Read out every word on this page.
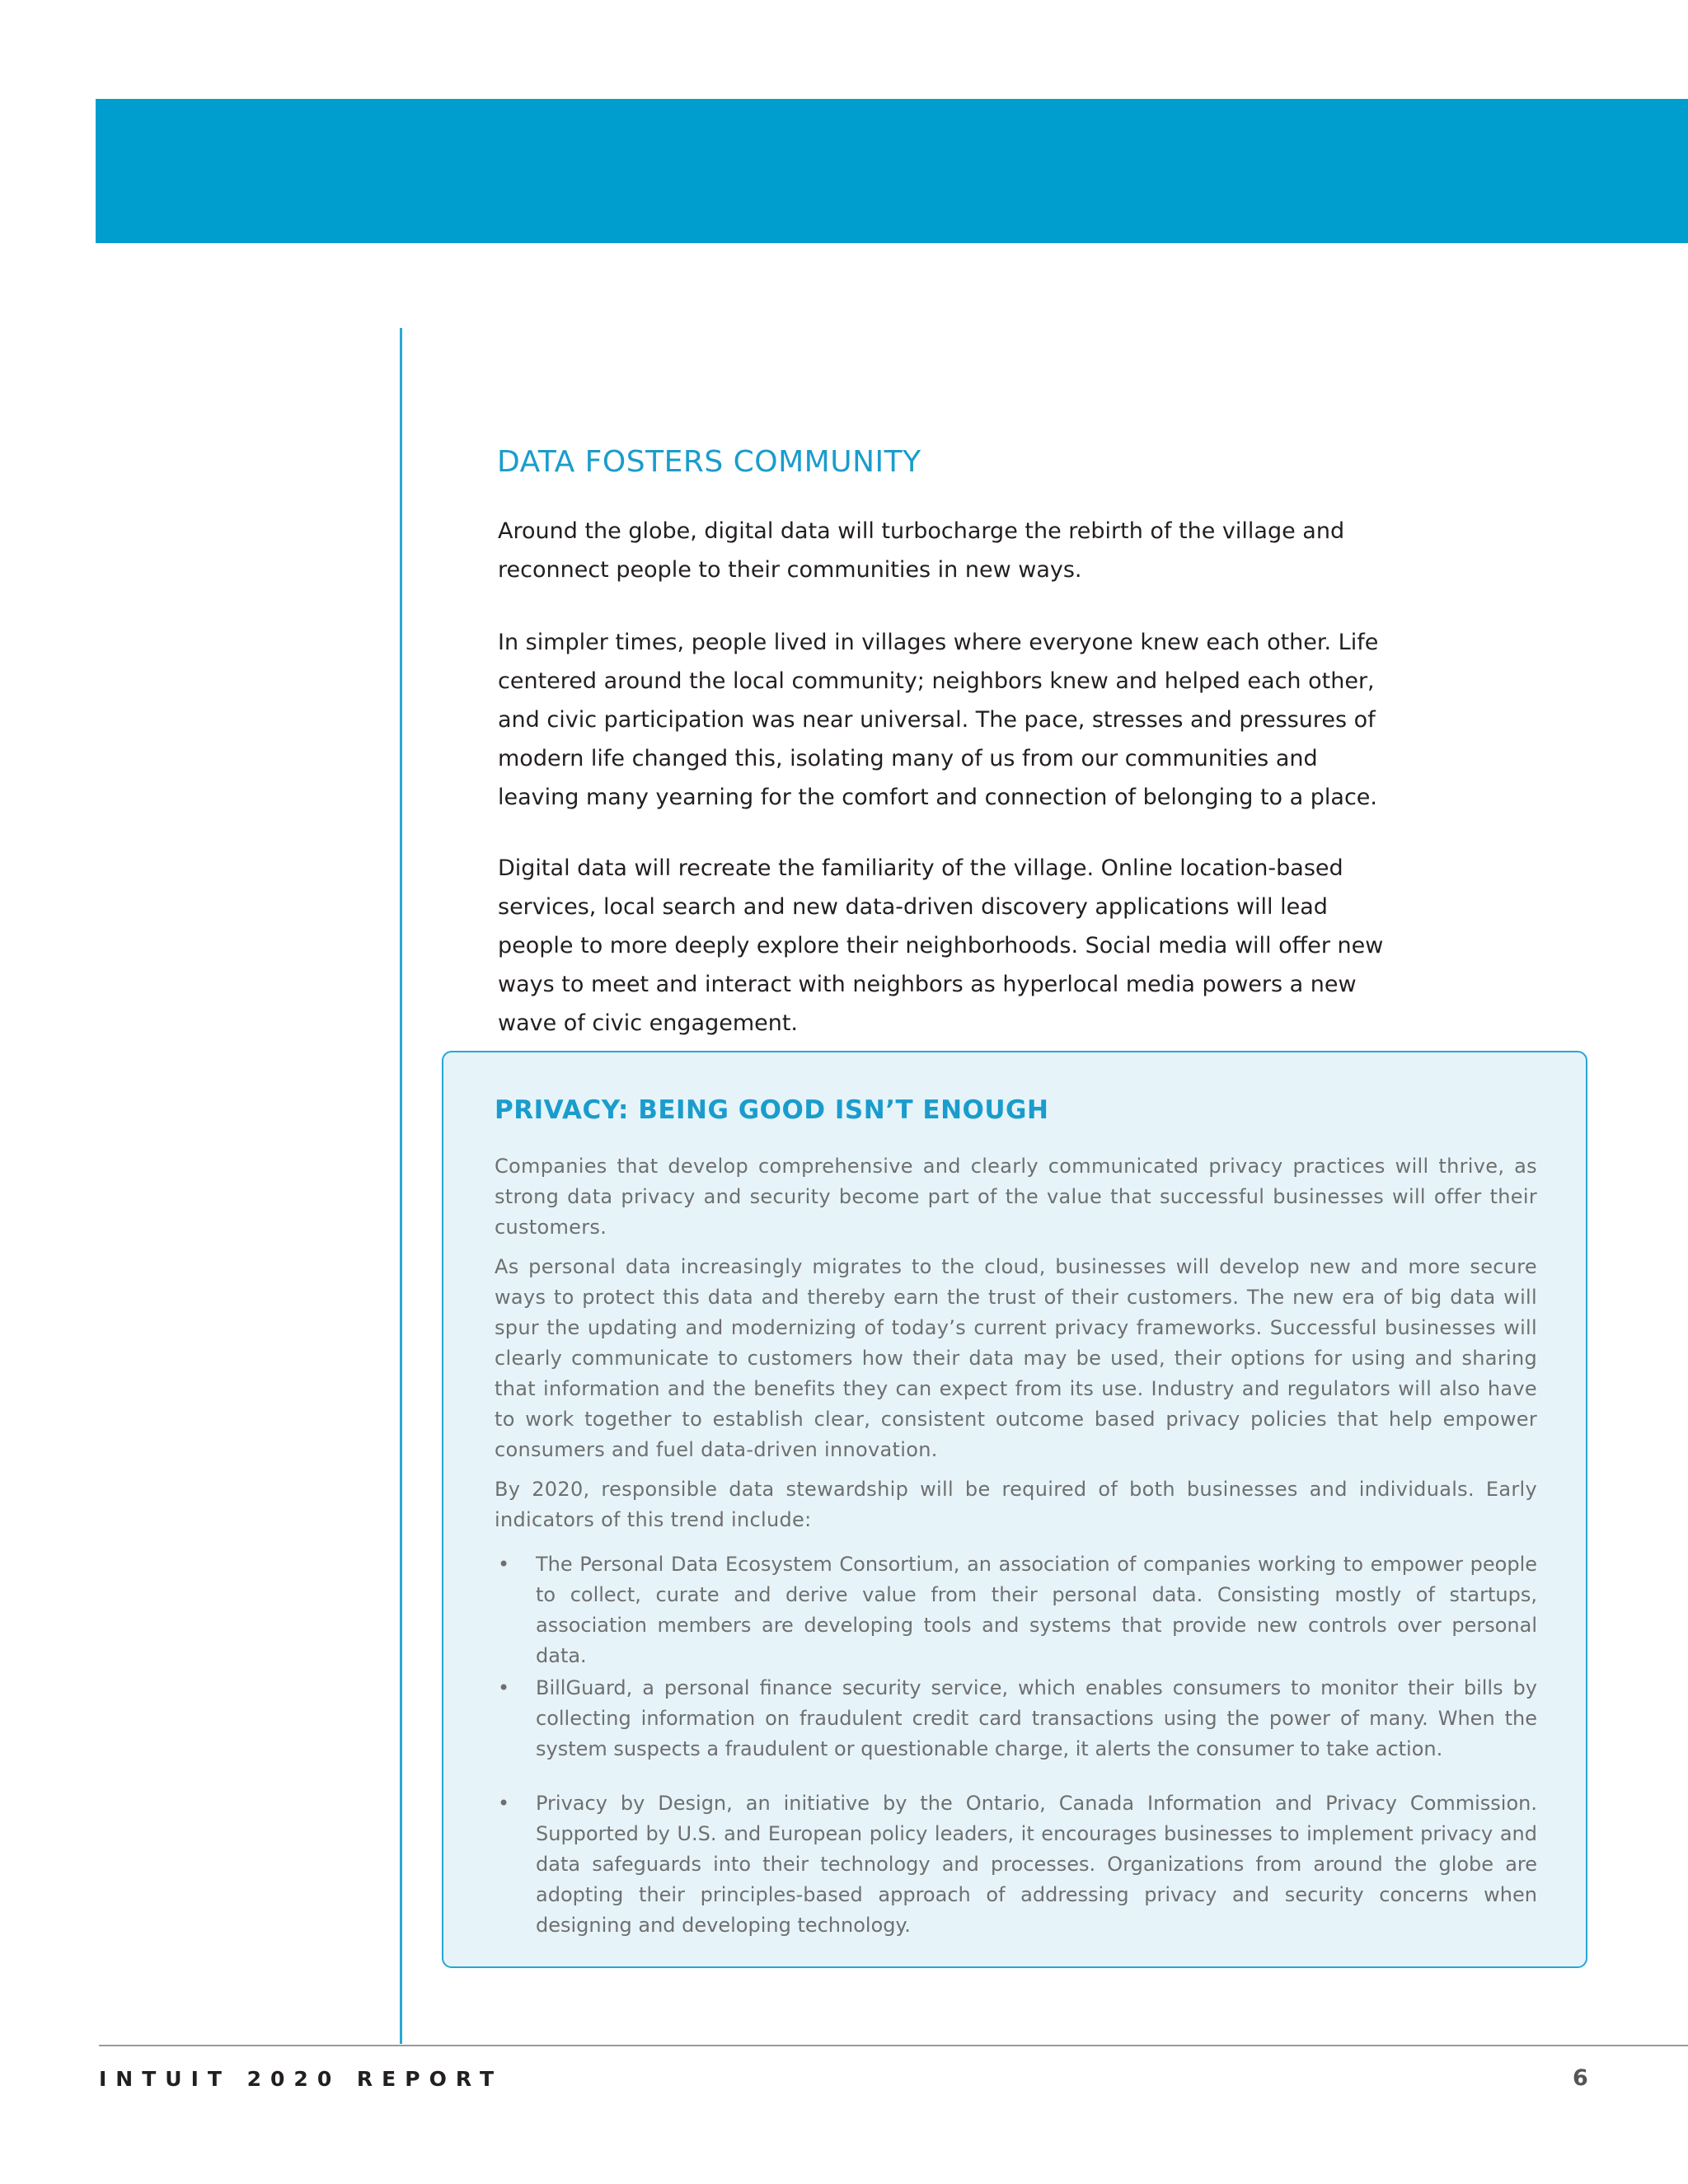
DATA FOSTERS COMMUNITY

Around the globe, digital data will turbocharge the rebirth of the village and reconnect people to their communities in new ways.

In simpler times, people lived in villages where everyone knew each other. Life centered around the local community; neighbors knew and helped each other, and civic participation was near universal. The pace, stresses and pressures of modern life changed this, isolating many of us from our communities and leaving many yearning for the comfort and connection of belonging to a place.

Digital data will recreate the familiarity of the village. Online location-based services, local search and new data-driven discovery applications will lead people to more deeply explore their neighborhoods. Social media will offer new ways to meet and interact with neighbors as hyperlocal media powers a new wave of civic engagement.

PRIVACY: BEING GOOD ISN’T ENOUGH

Companies that develop comprehensive and clearly communicated privacy practices will thrive, as strong data privacy and security become part of the value that successful businesses will offer their customers.

As personal data increasingly migrates to the cloud, businesses will develop new and more secure ways to protect this data and thereby earn the trust of their customers. The new era of big data will spur the updating and modernizing of today’s current privacy frameworks. Successful businesses will clearly communicate to customers how their data may be used, their options for using and sharing that information and the benefits they can expect from its use. Industry and regulators will also have to work together to establish clear, consistent outcome based privacy policies that help empower consumers and fuel data-driven innovation.

By 2020, responsible data stewardship will be required of both businesses and individuals. Early indicators of this trend include:

• The Personal Data Ecosystem Consortium, an association of companies working to empower people to collect, curate and derive value from their personal data. Consisting mostly of startups, association members are developing tools and systems that provide new controls over personal data.

• BillGuard, a personal finance security service, which enables consumers to monitor their bills by collecting information on fraudulent credit card transactions using the power of many. When the system suspects a fraudulent or questionable charge, it alerts the consumer to take action.

• Privacy by Design, an initiative by the Ontario, Canada Information and Privacy Commission. Supported by U.S. and European policy leaders, it encourages businesses to implement privacy and data safeguards into their technology and processes. Organizations from around the globe are adopting their principles-based approach of addressing privacy and security concerns when designing and developing technology.

INTUIT 2020 REPORT	6
